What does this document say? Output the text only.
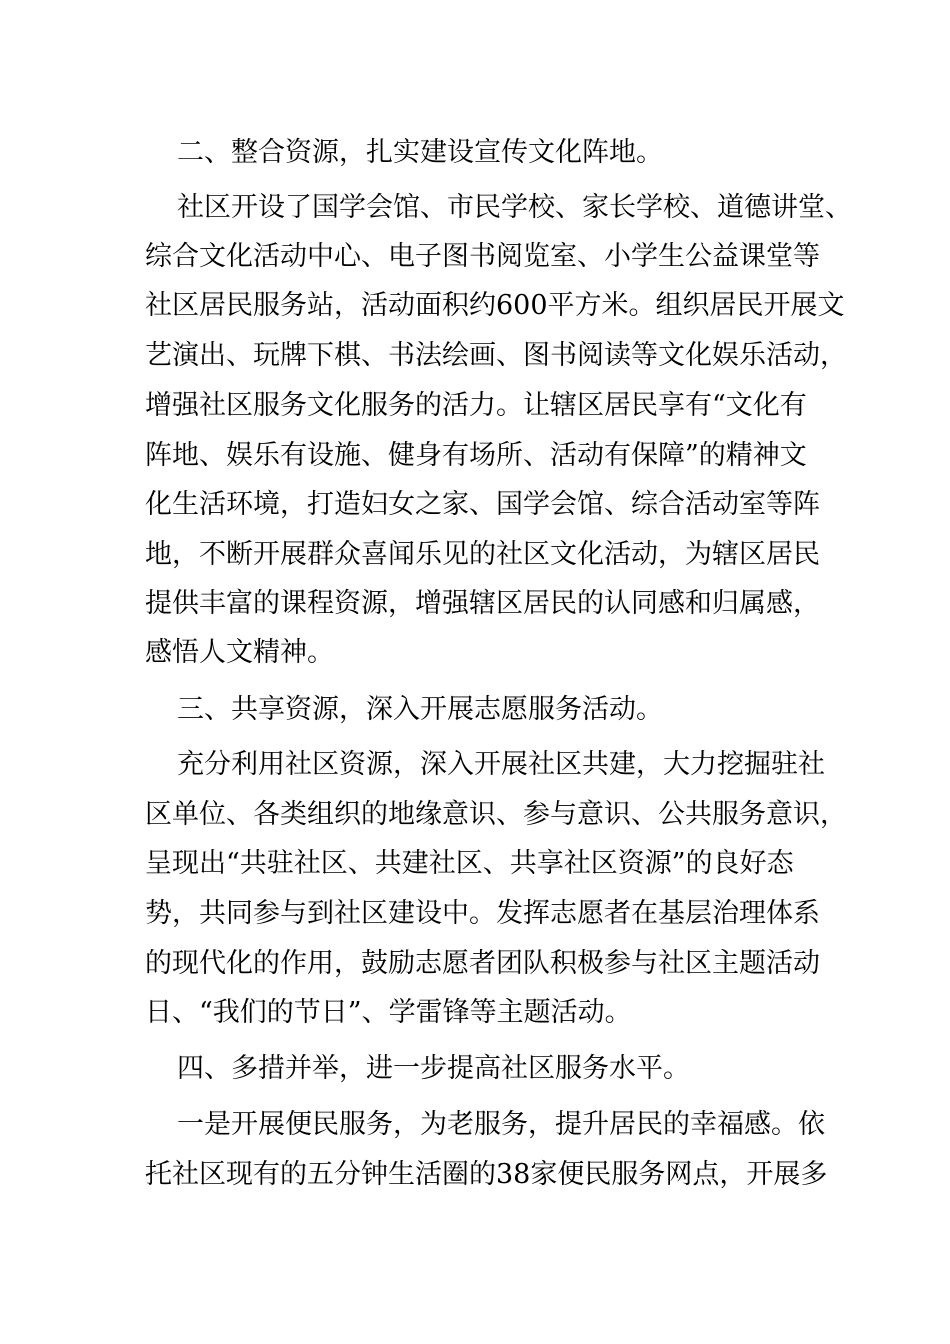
二、整合资源，扎实建设宣传文化阵地。
社区开设了国学会馆、市民学校、家长学校、道德讲堂、
综合文化活动中心、电子图书阅览室、小学生公益课堂等
社区居民服务站，活动面积约600平方米。组织居民开展文
艺演出、玩牌下棋、书法绘画、图书阅读等文化娱乐活动，
增强社区服务文化服务的活力。让辖区居民享有“文化有
阵地、娱乐有设施、健身有场所、活动有保障”的精神文
化生活环境，打造妇女之家、国学会馆、综合活动室等阵
地，不断开展群众喜闻乐见的社区文化活动，为辖区居民
提供丰富的课程资源，增强辖区居民的认同感和归属感，
感悟人文精神。
三、共享资源，深入开展志愿服务活动。
充分利用社区资源，深入开展社区共建，大力挖掘驻社
区单位、各类组织的地缘意识、参与意识、公共服务意识，
呈现出“共驻社区、共建社区、共享社区资源”的良好态
势，共同参与到社区建设中。发挥志愿者在基层治理体系
的现代化的作用，鼓励志愿者团队积极参与社区主题活动
日、“我们的节日”、学雷锋等主题活动。
四、多措并举，进一步提高社区服务水平。
一是开展便民服务，为老服务，提升居民的幸福感。依
托社区现有的五分钟生活圈的38家便民服务网点，开展多
